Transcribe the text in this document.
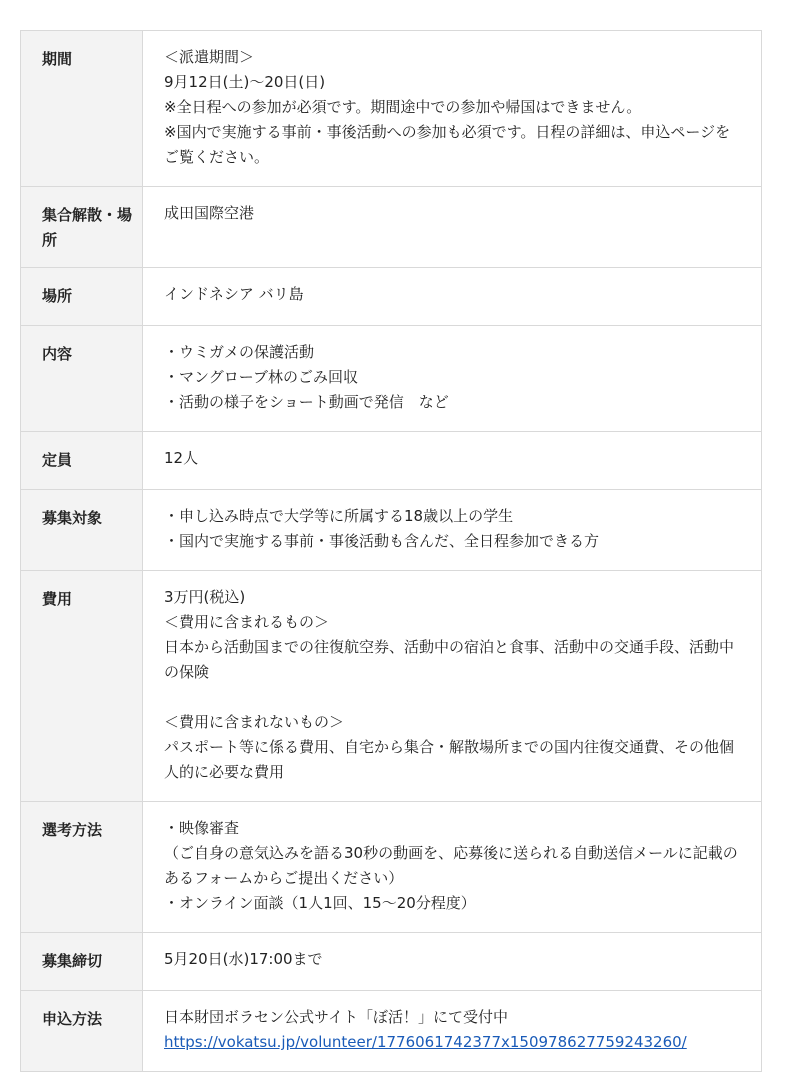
期間	＜派遣期間＞
9月12日(土)〜20日(日)
※全日程への参加が必須です。期間途中での参加や帰国はできません。
※国内で実施する事前・事後活動への参加も必須です。日程の詳細は、申込ページをご覧ください。

集合解散・場所	成田国際空港

場所	インドネシア バリ島

内容	・ウミガメの保護活動
・マングローブ林のごみ回収
・活動の様子をショート動画で発信　など

定員	12人

募集対象	・申し込み時点で大学等に所属する18歳以上の学生
・国内で実施する事前・事後活動も含んだ、全日程参加できる方

費用	3万円(税込)
＜費用に含まれるもの＞
日本から活動国までの往復航空券、活動中の宿泊と食事、活動中の交通手段、活動中の保険
＜費用に含まれないもの＞
パスポート等に係る費用、自宅から集合・解散場所までの国内往復交通費、その他個人的に必要な費用

選考方法	・映像審査
（ご自身の意気込みを語る30秒の動画を、応募後に送られる自動送信メールに記載のあるフォームからご提出ください）
・オンライン面談（1人1回、15〜20分程度）

募集締切	5月20日(水)17:00まで

申込方法	日本財団ボラセン公式サイト「ぼ活！」にて受付中
https://vokatsu.jp/volunteer/1776061742377x150978627759243260/
